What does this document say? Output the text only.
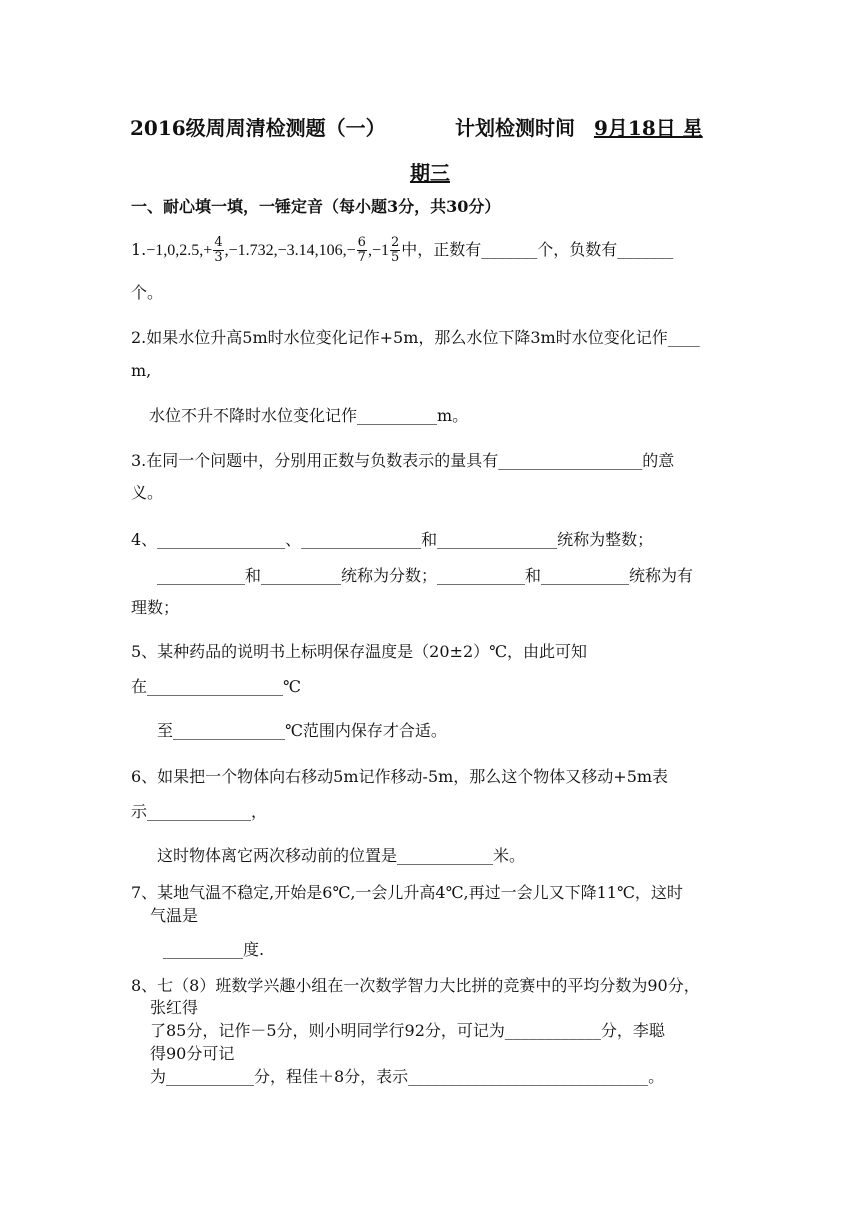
2016级周周清检测题（一）	计划检测时间 9月18日 星
期三
一、耐心填一填，一锤定音（每小题3分，共30分）
$1.-1,0,2.5,+ \frac{4}{3} ,-1.732,-3.14,106,- \frac{6}{7} ,-1 \frac{2}{5}$ 中，正数有_______个，负数有_______
个。
2.如果水位升高5m时水位变化记作+5m，那么水位下降3m时水位变化记作____
m,
水位不升不降时水位变化记作__________m。
3.在同一个问题中，分别用正数与负数表示的量具有__________________的意
义。
4、________________、_______________和_______________统称为整数；
___________和__________统称为分数；___________和___________统称为有
理数；
5、某种药品的说明书上标明保存温度是（20±2）℃，由此可知
在_________________℃
至______________℃范围内保存才合适。
6、如果把一个物体向右移动5m记作移动-5m，那么这个物体又移动+5m表
示_____________，
这时物体离它两次移动前的位置是____________米。
7、某地气温不稳定,开始是6℃,一会儿升高4℃,再过一会儿又下降11℃，这时
气温是
__________度.
8、七（8）班数学兴趣小组在一次数学智力大比拼的竞赛中的平均分数为90分，
张红得
了85分，记作－5分，则小明同学行92分，可记为____________分，李聪
得90分可记
为___________分，程佳＋8分，表示______________________________。
